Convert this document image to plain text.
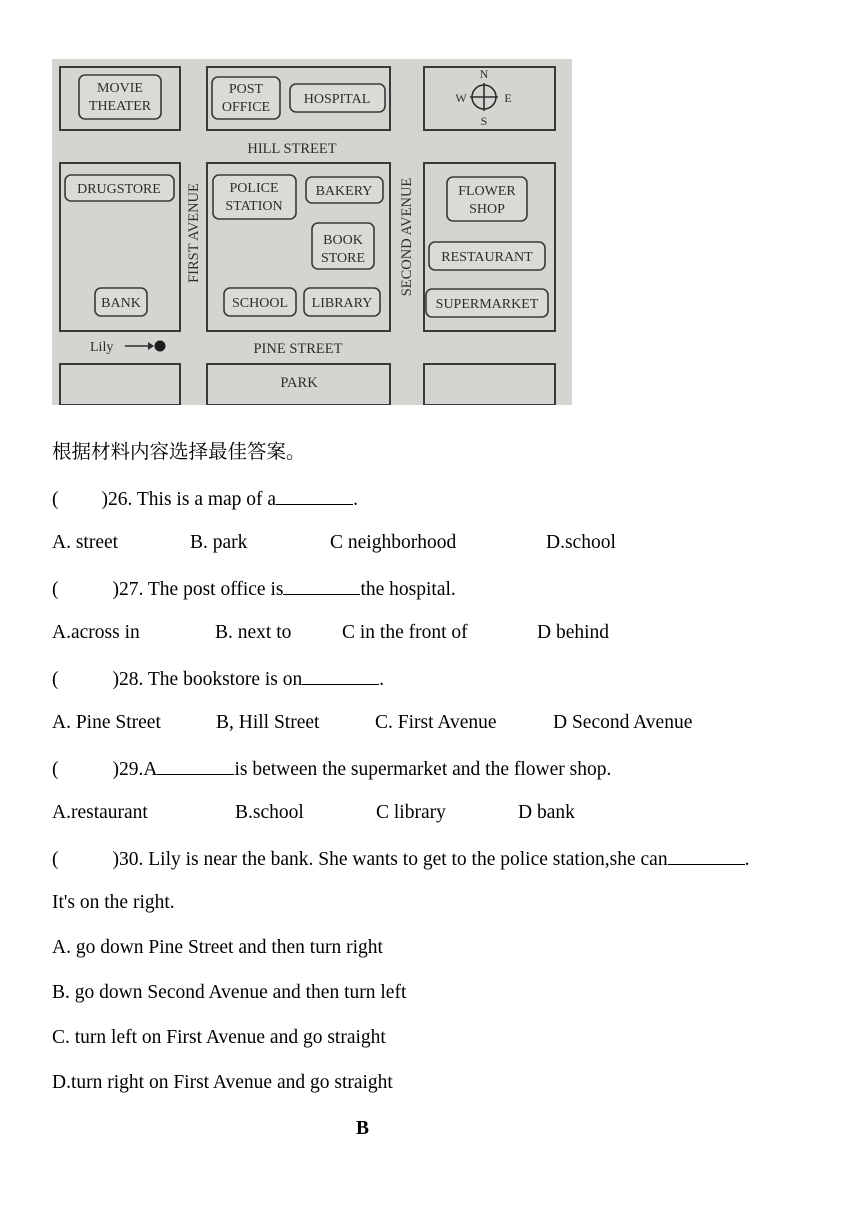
MOVIE
THEATER
POST
OFFICE
HOSPITAL
DRUGSTORE	POLICE
STATION
BAKERY
BOOK
STORE
FLOWER
SHOP
RESTAURANT
SUPERMARKET
BANK	SCHOOL LIBRARY
HILL STREET
PINE STREET
PARK
FIRST AVENUE	SECOND AVENUE
N
S
E
W
Lily
根据材料内容选择最佳答案。
( )26. This is a map of a	.
A. street	B. park	C neighborhood	D.school
(	)27. The post office is	the hospital.
A.across in	B. next to	C in the front of	D behind
(	)28. The bookstore is on	.
A. Pine Street	B, Hill Street	C. First Avenue	D Second Avenue
(	)29.A	is between the supermarket and the flower shop.
A.restaurant	B.school	C library	D bank
(	)30. Lily is near the bank. She wants to get to the police station,she can	.
It's on the right.
A. go down Pine Street and then turn right
B. go down Second Avenue and then turn left
C. turn left on First Avenue and go straight
D.turn right on First Avenue and go straight
B
